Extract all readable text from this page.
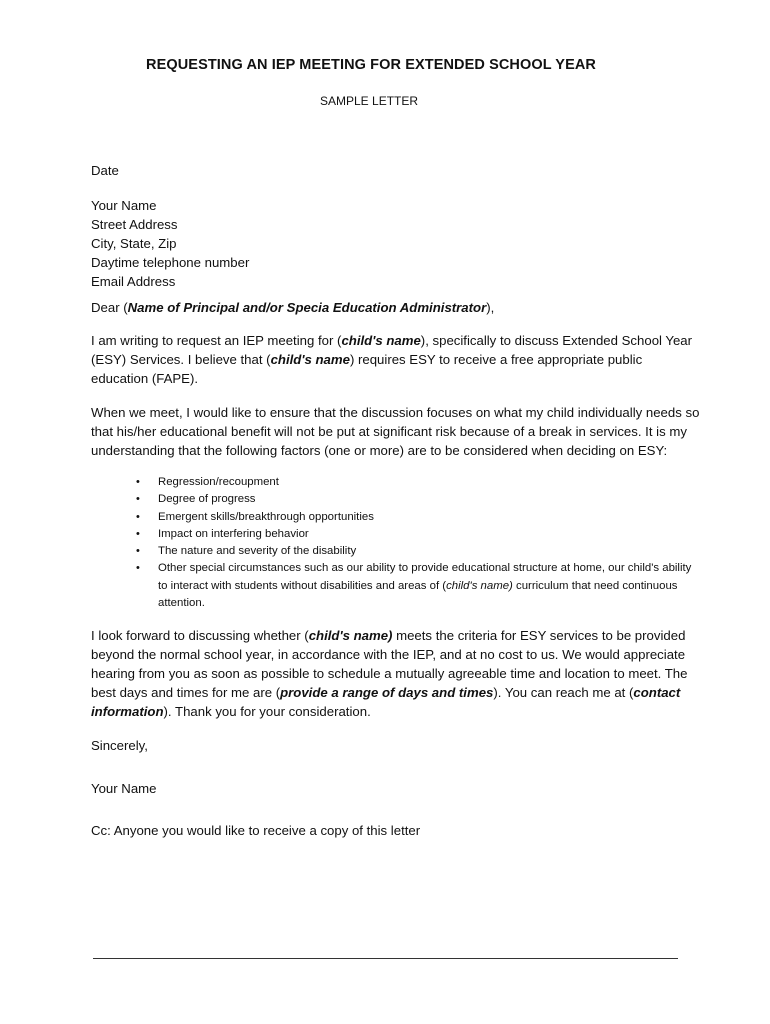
REQUESTING AN IEP MEETING FOR EXTENDED SCHOOL YEAR

SAMPLE LETTER

Date

Your Name

Street Address

City, State, Zip

Daytime telephone number

Email Address

Dear (Name of Principal and/or Specia Education Administrator),

I am writing to request an IEP meeting for (child's name), specifically to discuss Extended School Year (ESY) Services. I believe that (child's name) requires ESY to receive a free appropriate public education (FAPE).

When we meet, I would like to ensure that the discussion focuses on what my child individually needs so that his/her educational benefit will not be put at significant risk because of a break in services. It is my understanding that the following factors (one or more) are to be considered when deciding on ESY:

• Regression/recoupment
• Degree of progress
• Emergent skills/breakthrough opportunities
• Impact on interfering behavior
• The nature and severity of the disability
• Other special circumstances such as our ability to provide educational structure at home, our child's ability to interact with students without disabilities and areas of (child's name) curriculum that need continuous attention.

I look forward to discussing whether (child's name) meets the criteria for ESY services to be provided beyond the normal school year, in accordance with the IEP, and at no cost to us. We would appreciate hearing from you as soon as possible to schedule a mutually agreeable time and location to meet. The best days and times for me are (provide a range of days and times). You can reach me at (contact information). Thank you for your consideration.

Sincerely,

Your Name

Cc: Anyone you would like to receive a copy of this letter
